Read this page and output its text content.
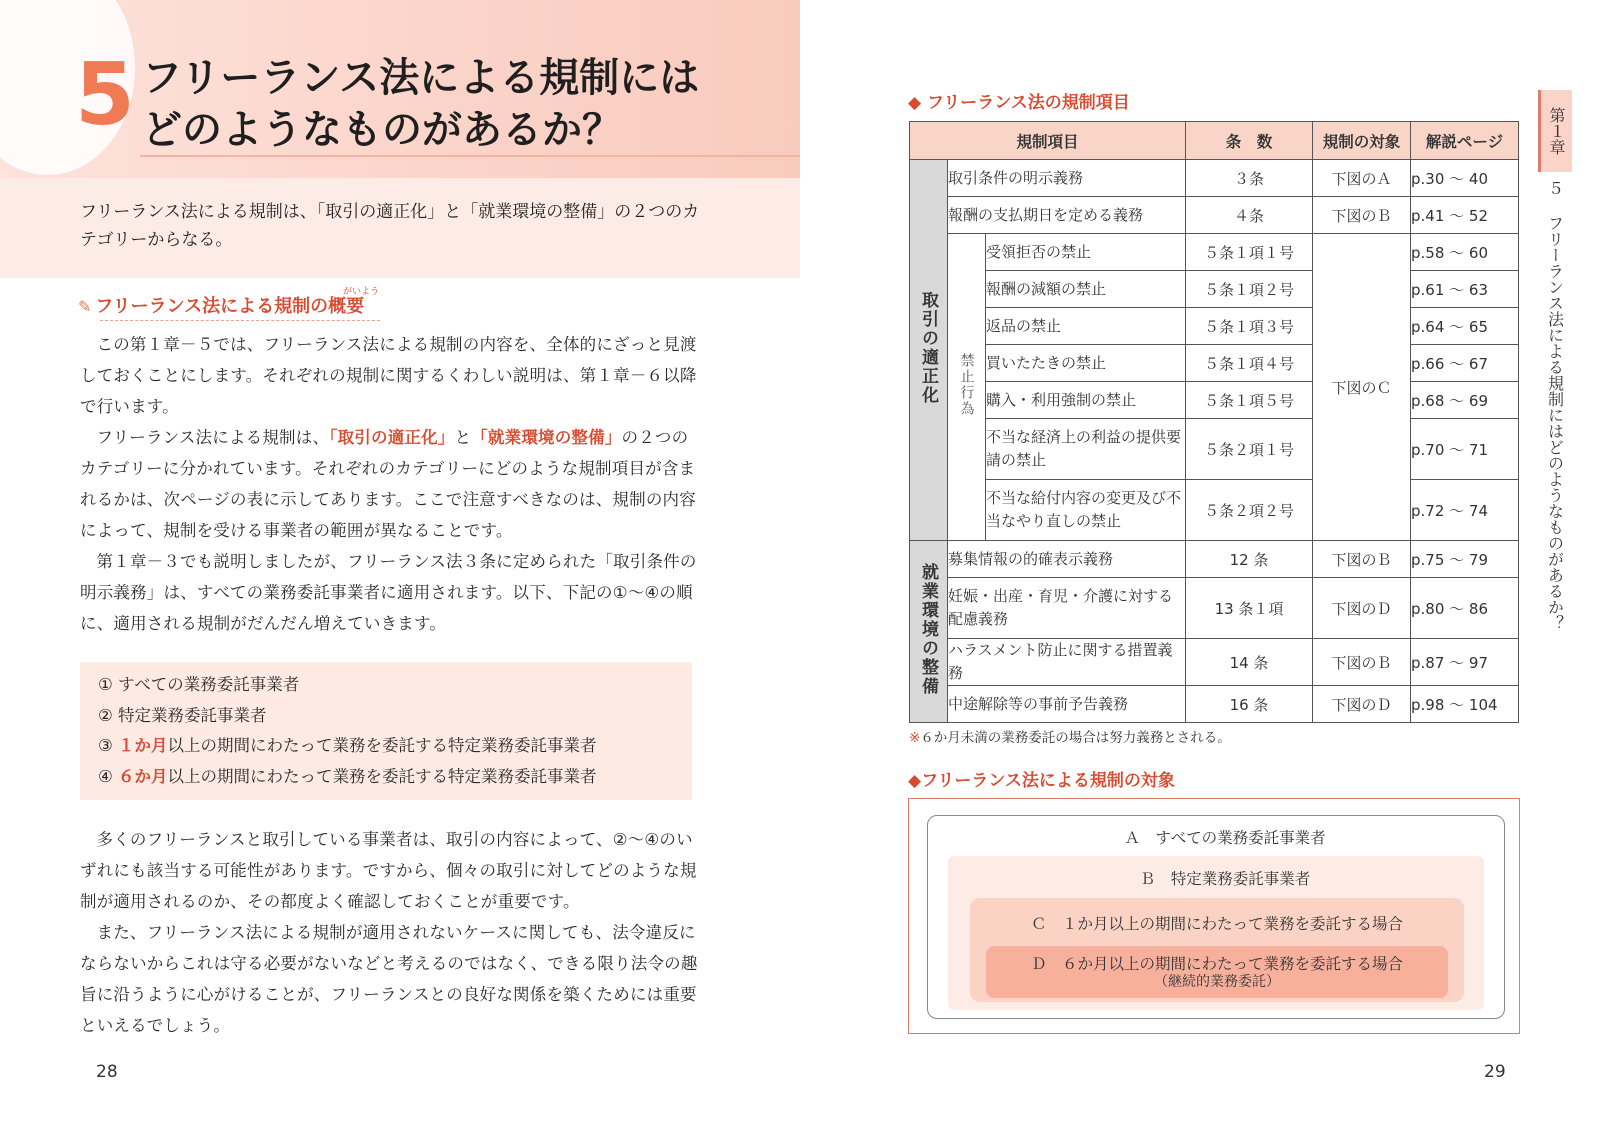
5 フリーランス法による規制には
どのようなものがあるか？
フリーランス法による規制は、「取引の適正化」と「就業環境の整備」の２つのカテゴリーからなる。
✎ フリーランス法による規制の概要
がいよう

この第１章－５では、フリーランス法による規制の内容を、全体的にざっと見渡しておくことにします。それぞれの規制に関するくわしい説明は、第１章－６以降で行います。

フリーランス法による規制は、「取引の適正化」と「就業環境の整備」の２つのカテゴリーに分かれています。それぞれのカテゴリーにどのような規制項目が含まれるかは、次ページの表に示してあります。ここで注意すべきなのは、規制の内容によって、規制を受ける事業者の範囲が異なることです。

第１章－３でも説明しましたが、フリーランス法３条に定められた「取引条件の明示義務」は、すべての業務委託事業者に適用されます。以下、下記の①～④の順に、適用される規制がだんだん増えていきます。

① すべての業務委託事業者
② 特定業務委託事業者
③ １か月以上の期間にわたって業務を委託する特定業務委託事業者
④ ６か月以上の期間にわたって業務を委託する特定業務委託事業者

多くのフリーランスと取引している事業者は、取引の内容によって、②～④のいずれにも該当する可能性があります。ですから、個々の取引に対してどのような規制が適用されるのか、その都度よく確認しておくことが重要です。

また、フリーランス法による規制が適用されないケースに関しても、法令違反にならないからこれは守る必要がないなどと考えるのではなく、できる限り法令の趣旨に沿うように心がけることが、フリーランスとの良好な関係を築くためには重要といえるでしょう。

28
◆ フリーランス法の規制項目
規制項目			条　数	規制の対象	解説ページ
取引の適正化	取引条件の明示義務		３条	下図のＡ	p.30 ～ 40
	報酬の支払期日を定める義務		４条	下図のＢ	p.41 ～ 52
	禁止行為	受領拒否の禁止	５条１項１号	下図のＣ	p.58 ～ 60
		報酬の減額の禁止	５条１項２号		p.61 ～ 63
		返品の禁止	５条１項３号		p.64 ～ 65
		買いたたきの禁止	５条１項４号		p.66 ～ 67
		購入・利用強制の禁止	５条１項５号		p.68 ～ 69
		不当な経済上の利益の提供要請の禁止	５条２項１号		p.70 ～ 71
		不当な給付内容の変更及び不当なやり直しの禁止	５条２項２号		p.72 ～ 74
就業環境の整備	募集情報の的確表示義務		12 条	下図のＢ	p.75 ～ 79
	妊娠・出産・育児・介護に対する配慮義務		13 条１項	下図のＤ	p.80 ～ 86
	ハラスメント防止に関する措置義務		14 条	下図のＢ	p.87 ～ 97
	中途解除等の事前予告義務		16 条	下図のＤ	p.98 ～ 104
※６か月未満の業務委託の場合は努力義務とされる。
◆フリーランス法による規制の対象
Ａ　すべての業務委託事業者
Ｂ　特定業務委託事業者
Ｃ　１か月以上の期間にわたって業務を委託する場合
Ｄ　６か月以上の期間にわたって業務を委託する場合
（継続的業務委託）
第１章
５ フリーランス法による規制にはどのようなものがあるか？
29
